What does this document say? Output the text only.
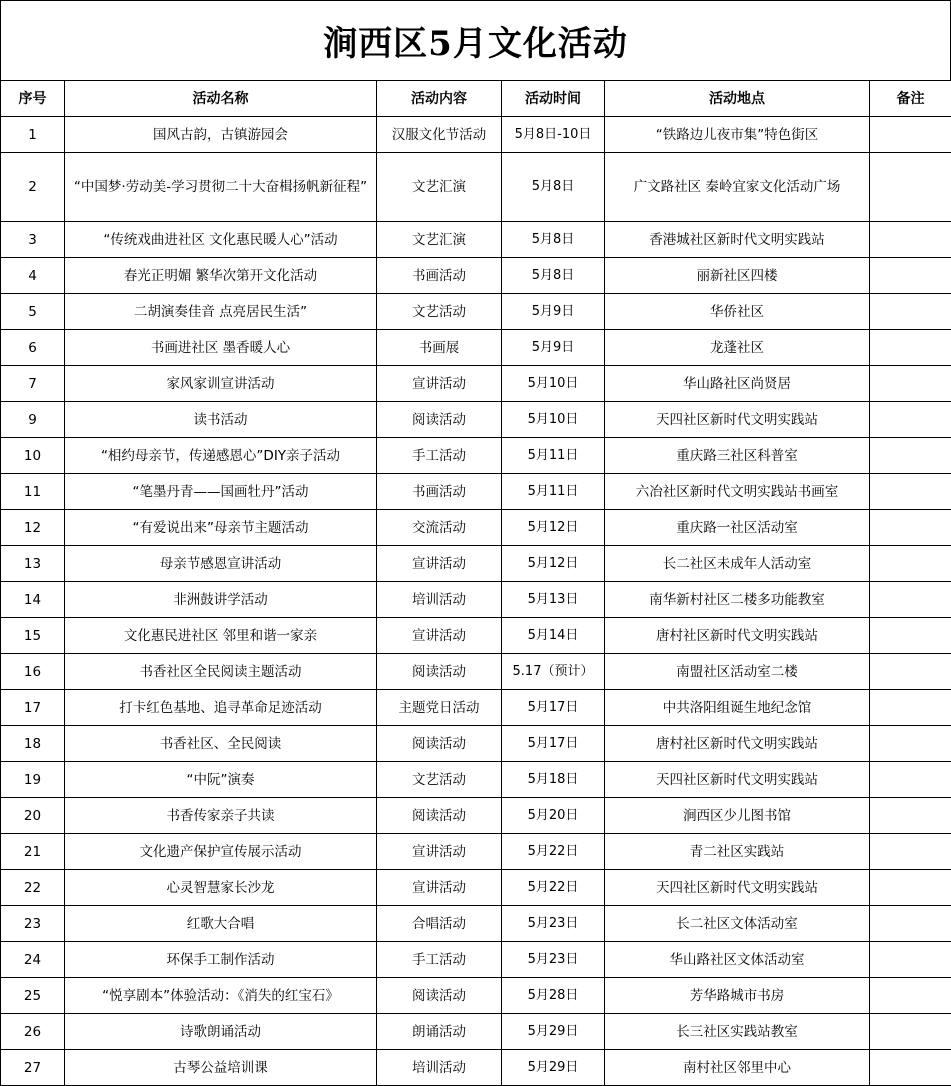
涧西区5月文化活动
序号	活动名称	活动内容	活动时间	活动地点	备注
1	国风古韵，古镇游园会	汉服文化节活动	5月8日-10日	“铁路边儿夜市集”特色街区	
2	“中国梦·劳动美-学习贯彻二十大奋楫扬帆新征程”	文艺汇演	5月8日	广文路社区 秦岭宜家文化活动广场	
3	“传统戏曲进社区 文化惠民暖人心”活动	文艺汇演	5月8日	香港城社区新时代文明实践站	
4	春光正明媚 繁华次第开文化活动	书画活动	5月8日	丽新社区四楼	
5	二胡演奏佳音 点亮居民生活”	文艺活动	5月9日	华侨社区	
6	书画进社区 墨香暖人心	书画展	5月9日	龙蓬社区	
7	家风家训宣讲活动	宣讲活动	5月10日	华山路社区尚贤居	
9	读书活动	阅读活动	5月10日	天四社区新时代文明实践站	
10	“相约母亲节，传递感恩心”DIY亲子活动	手工活动	5月11日	重庆路三社区科普室	
11	“笔墨丹青——国画牡丹”活动	书画活动	5月11日	六冶社区新时代文明实践站书画室	
12	“有爱说出来”母亲节主题活动	交流活动	5月12日	重庆路一社区活动室	
13	母亲节感恩宣讲活动	宣讲活动	5月12日	长二社区未成年人活动室	
14	非洲鼓讲学活动	培训活动	5月13日	南华新村社区二楼多功能教室	
15	文化惠民进社区 邻里和谐一家亲	宣讲活动	5月14日	唐村社区新时代文明实践站	
16	书香社区全民阅读主题活动	阅读活动	5.17（预计）	南盟社区活动室二楼	
17	打卡红色基地、追寻革命足迹活动	主题党日活动	5月17日	中共洛阳组诞生地纪念馆	
18	书香社区、全民阅读	阅读活动	5月17日	唐村社区新时代文明实践站	
19	“中阮”演奏	文艺活动	5月18日	天四社区新时代文明实践站	
20	书香传家亲子共读	阅读活动	5月20日	涧西区少儿图书馆	
21	文化遗产保护宣传展示活动	宣讲活动	5月22日	青二社区实践站	
22	心灵智慧家长沙龙	宣讲活动	5月22日	天四社区新时代文明实践站	
23	红歌大合唱	合唱活动	5月23日	长二社区文体活动室	
24	环保手工制作活动	手工活动	5月23日	华山路社区文体活动室	
25	“悦享剧本”体验活动：《消失的红宝石》	阅读活动	5月28日	芳华路城市书房	
26	诗歌朗诵活动	朗诵活动	5月29日	长三社区实践站教室	
27	古琴公益培训课	培训活动	5月29日	南村社区邻里中心	
